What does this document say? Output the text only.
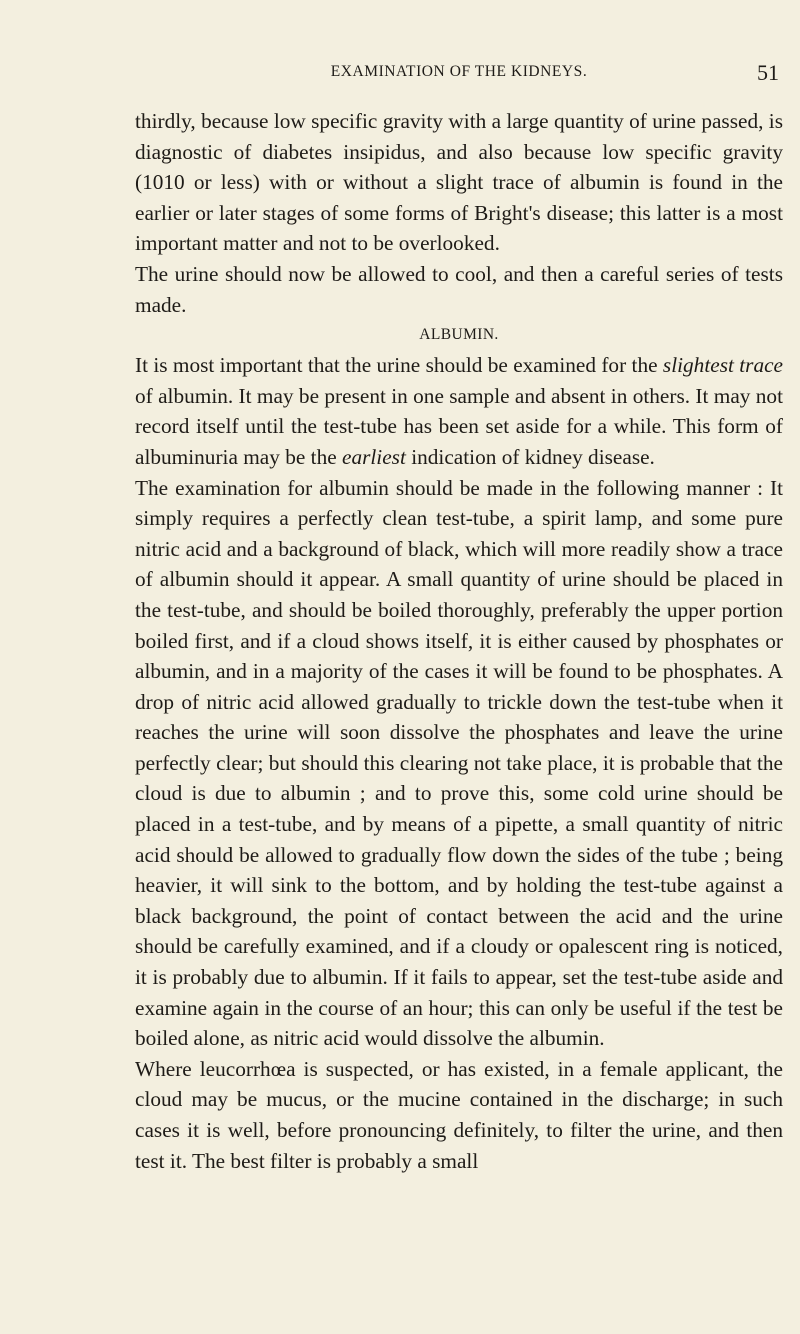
EXAMINATION OF THE KIDNEYS.	51

thirdly, because low specific gravity with a large quantity of urine passed, is diagnostic of diabetes insipidus, and also because low specific gravity (1010 or less) with or without a slight trace of albumin is found in the earlier or later stages of some forms of Bright's disease; this latter is a most important matter and not to be overlooked.

The urine should now be allowed to cool, and then a careful series of tests made.

ALBUMIN.

It is most important that the urine should be examined for the slightest trace of albumin. It may be present in one sample and absent in others. It may not record itself until the test-tube has been set aside for a while. This form of albuminuria may be the earliest indication of kidney disease.

The examination for albumin should be made in the following manner : It simply requires a perfectly clean test-tube, a spirit lamp, and some pure nitric acid and a background of black, which will more readily show a trace of albumin should it appear. A small quantity of urine should be placed in the test-tube, and should be boiled thoroughly, preferably the upper portion boiled first, and if a cloud shows itself, it is either caused by phosphates or albumin, and in a majority of the cases it will be found to be phosphates. A drop of nitric acid allowed gradually to trickle down the test-tube when it reaches the urine will soon dissolve the phosphates and leave the urine perfectly clear; but should this clearing not take place, it is probable that the cloud is due to albumin ; and to prove this, some cold urine should be placed in a test-tube, and by means of a pipette, a small quantity of nitric acid should be allowed to gradually flow down the sides of the tube ; being heavier, it will sink to the bottom, and by holding the test-tube against a black background, the point of contact between the acid and the urine should be carefully examined, and if a cloudy or opalescent ring is noticed, it is probably due to albumin. If it fails to appear, set the test-tube aside and examine again in the course of an hour; this can only be useful if the test be boiled alone, as nitric acid would dissolve the albumin.

Where leucorrhœa is suspected, or has existed, in a female applicant, the cloud may be mucus, or the mucine contained in the discharge; in such cases it is well, before pronouncing definitely, to filter the urine, and then test it. The best filter is probably a small
